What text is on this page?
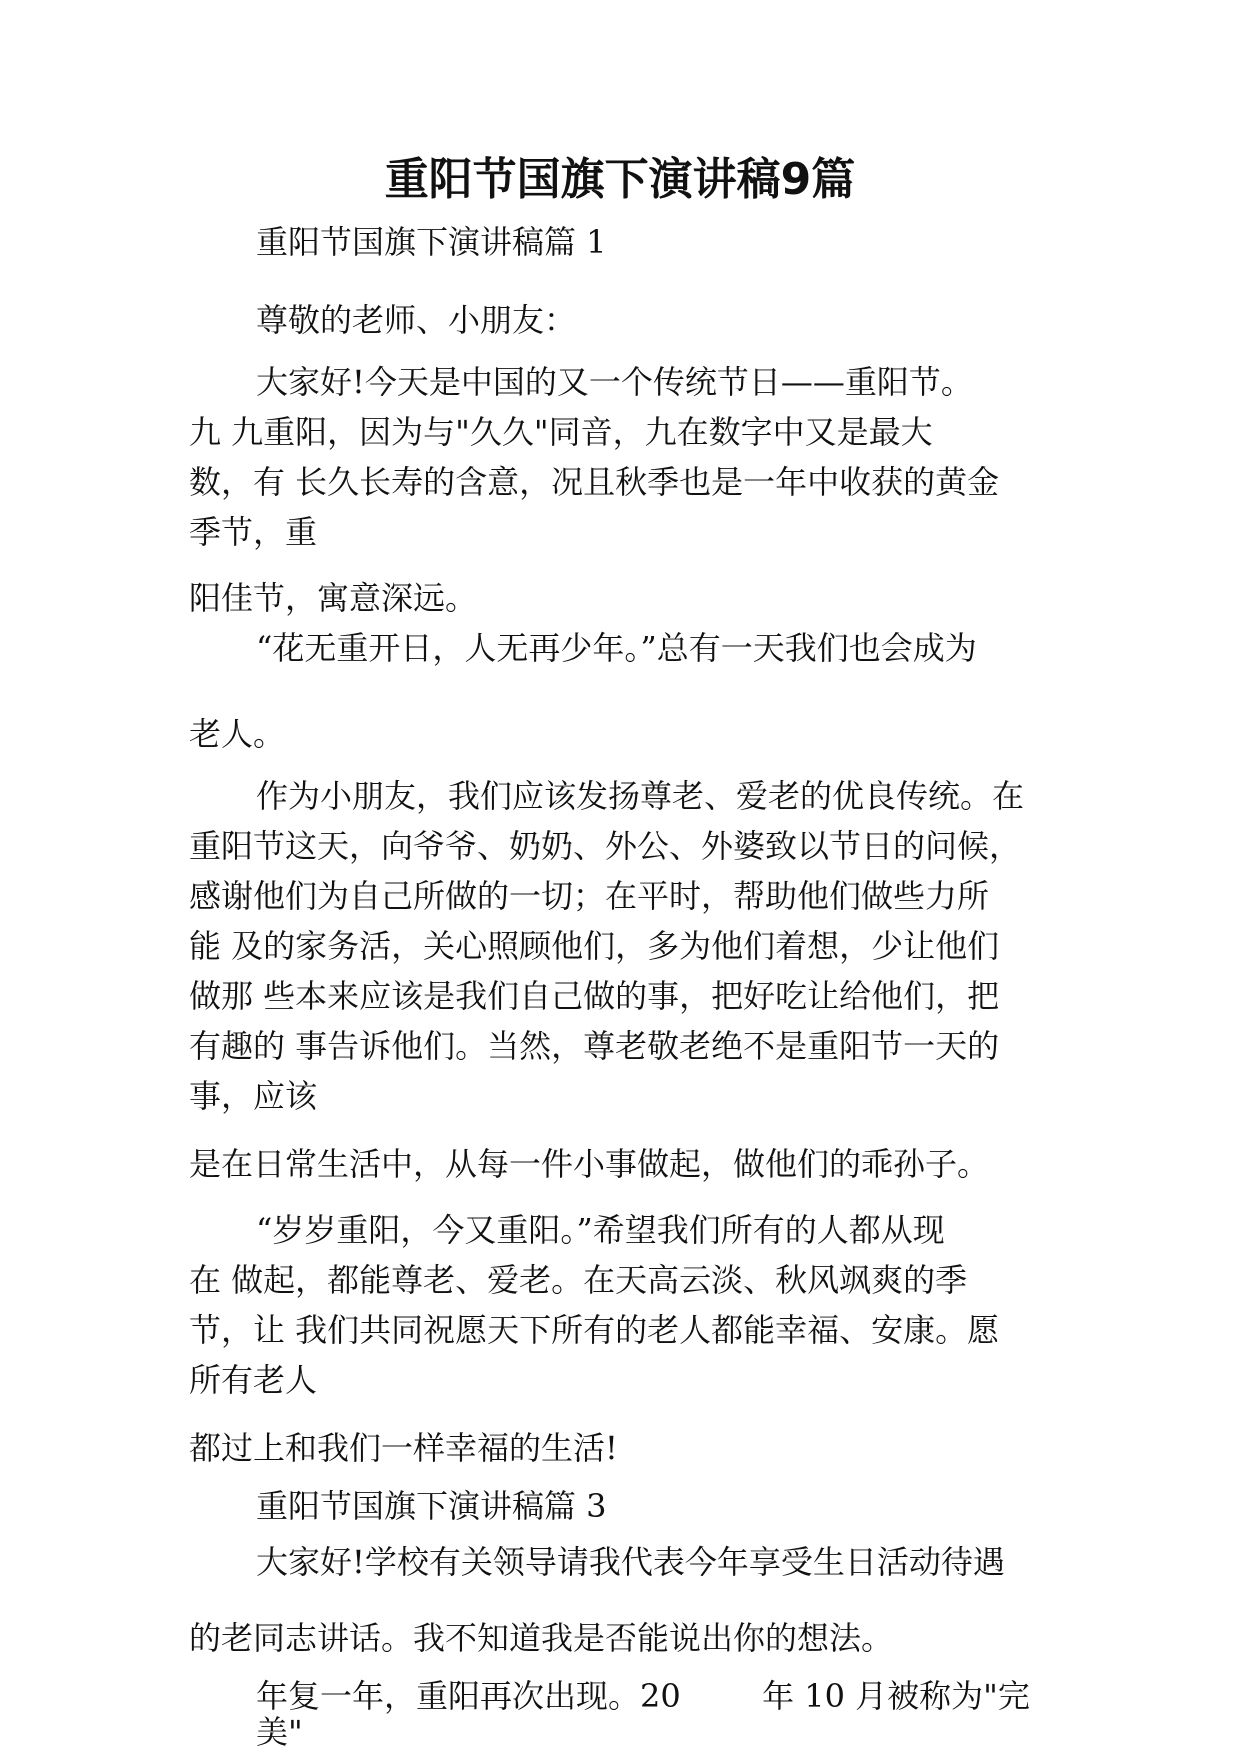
重阳节国旗下演讲稿9篇

重阳节国旗下演讲稿篇 1

尊敬的老师、小朋友：

大家好!今天是中国的又一个传统节日——重阳节。

九 九重阳，因为与"久久"同音，九在数字中又是最大

数，有 长久长寿的含意，况且秋季也是一年中收获的黄金

季节，重

阳佳节，寓意深远。

“花无重开日，人无再少年。”总有一天我们也会成为

老人。

作为小朋友，我们应该发扬尊老、爱老的优良传统。在

重阳节这天，向爷爷、奶奶、外公、外婆致以节日的问候，

感谢他们为自己所做的一切；在平时，帮助他们做些力所

能 及的家务活，关心照顾他们，多为他们着想，少让他们

做那 些本来应该是我们自己做的事，把好吃让给他们，把

有趣的 事告诉他们。当然，尊老敬老绝不是重阳节一天的

事，应该

是在日常生活中，从每一件小事做起，做他们的乖孙子。

“岁岁重阳，今又重阳。”希望我们所有的人都从现

在 做起，都能尊老、爱老。在天高云淡、秋风飒爽的季

节，让 我们共同祝愿天下所有的老人都能幸福、安康。愿

所有老人

都过上和我们一样幸福的生活!

重阳节国旗下演讲稿篇 3

大家好!学校有关领导请我代表今年享受生日活动待遇

的老同志讲话。我不知道我是否能说出你的想法。

年复一年，重阳再次出现。20        年 10 月被称为"完

美"
